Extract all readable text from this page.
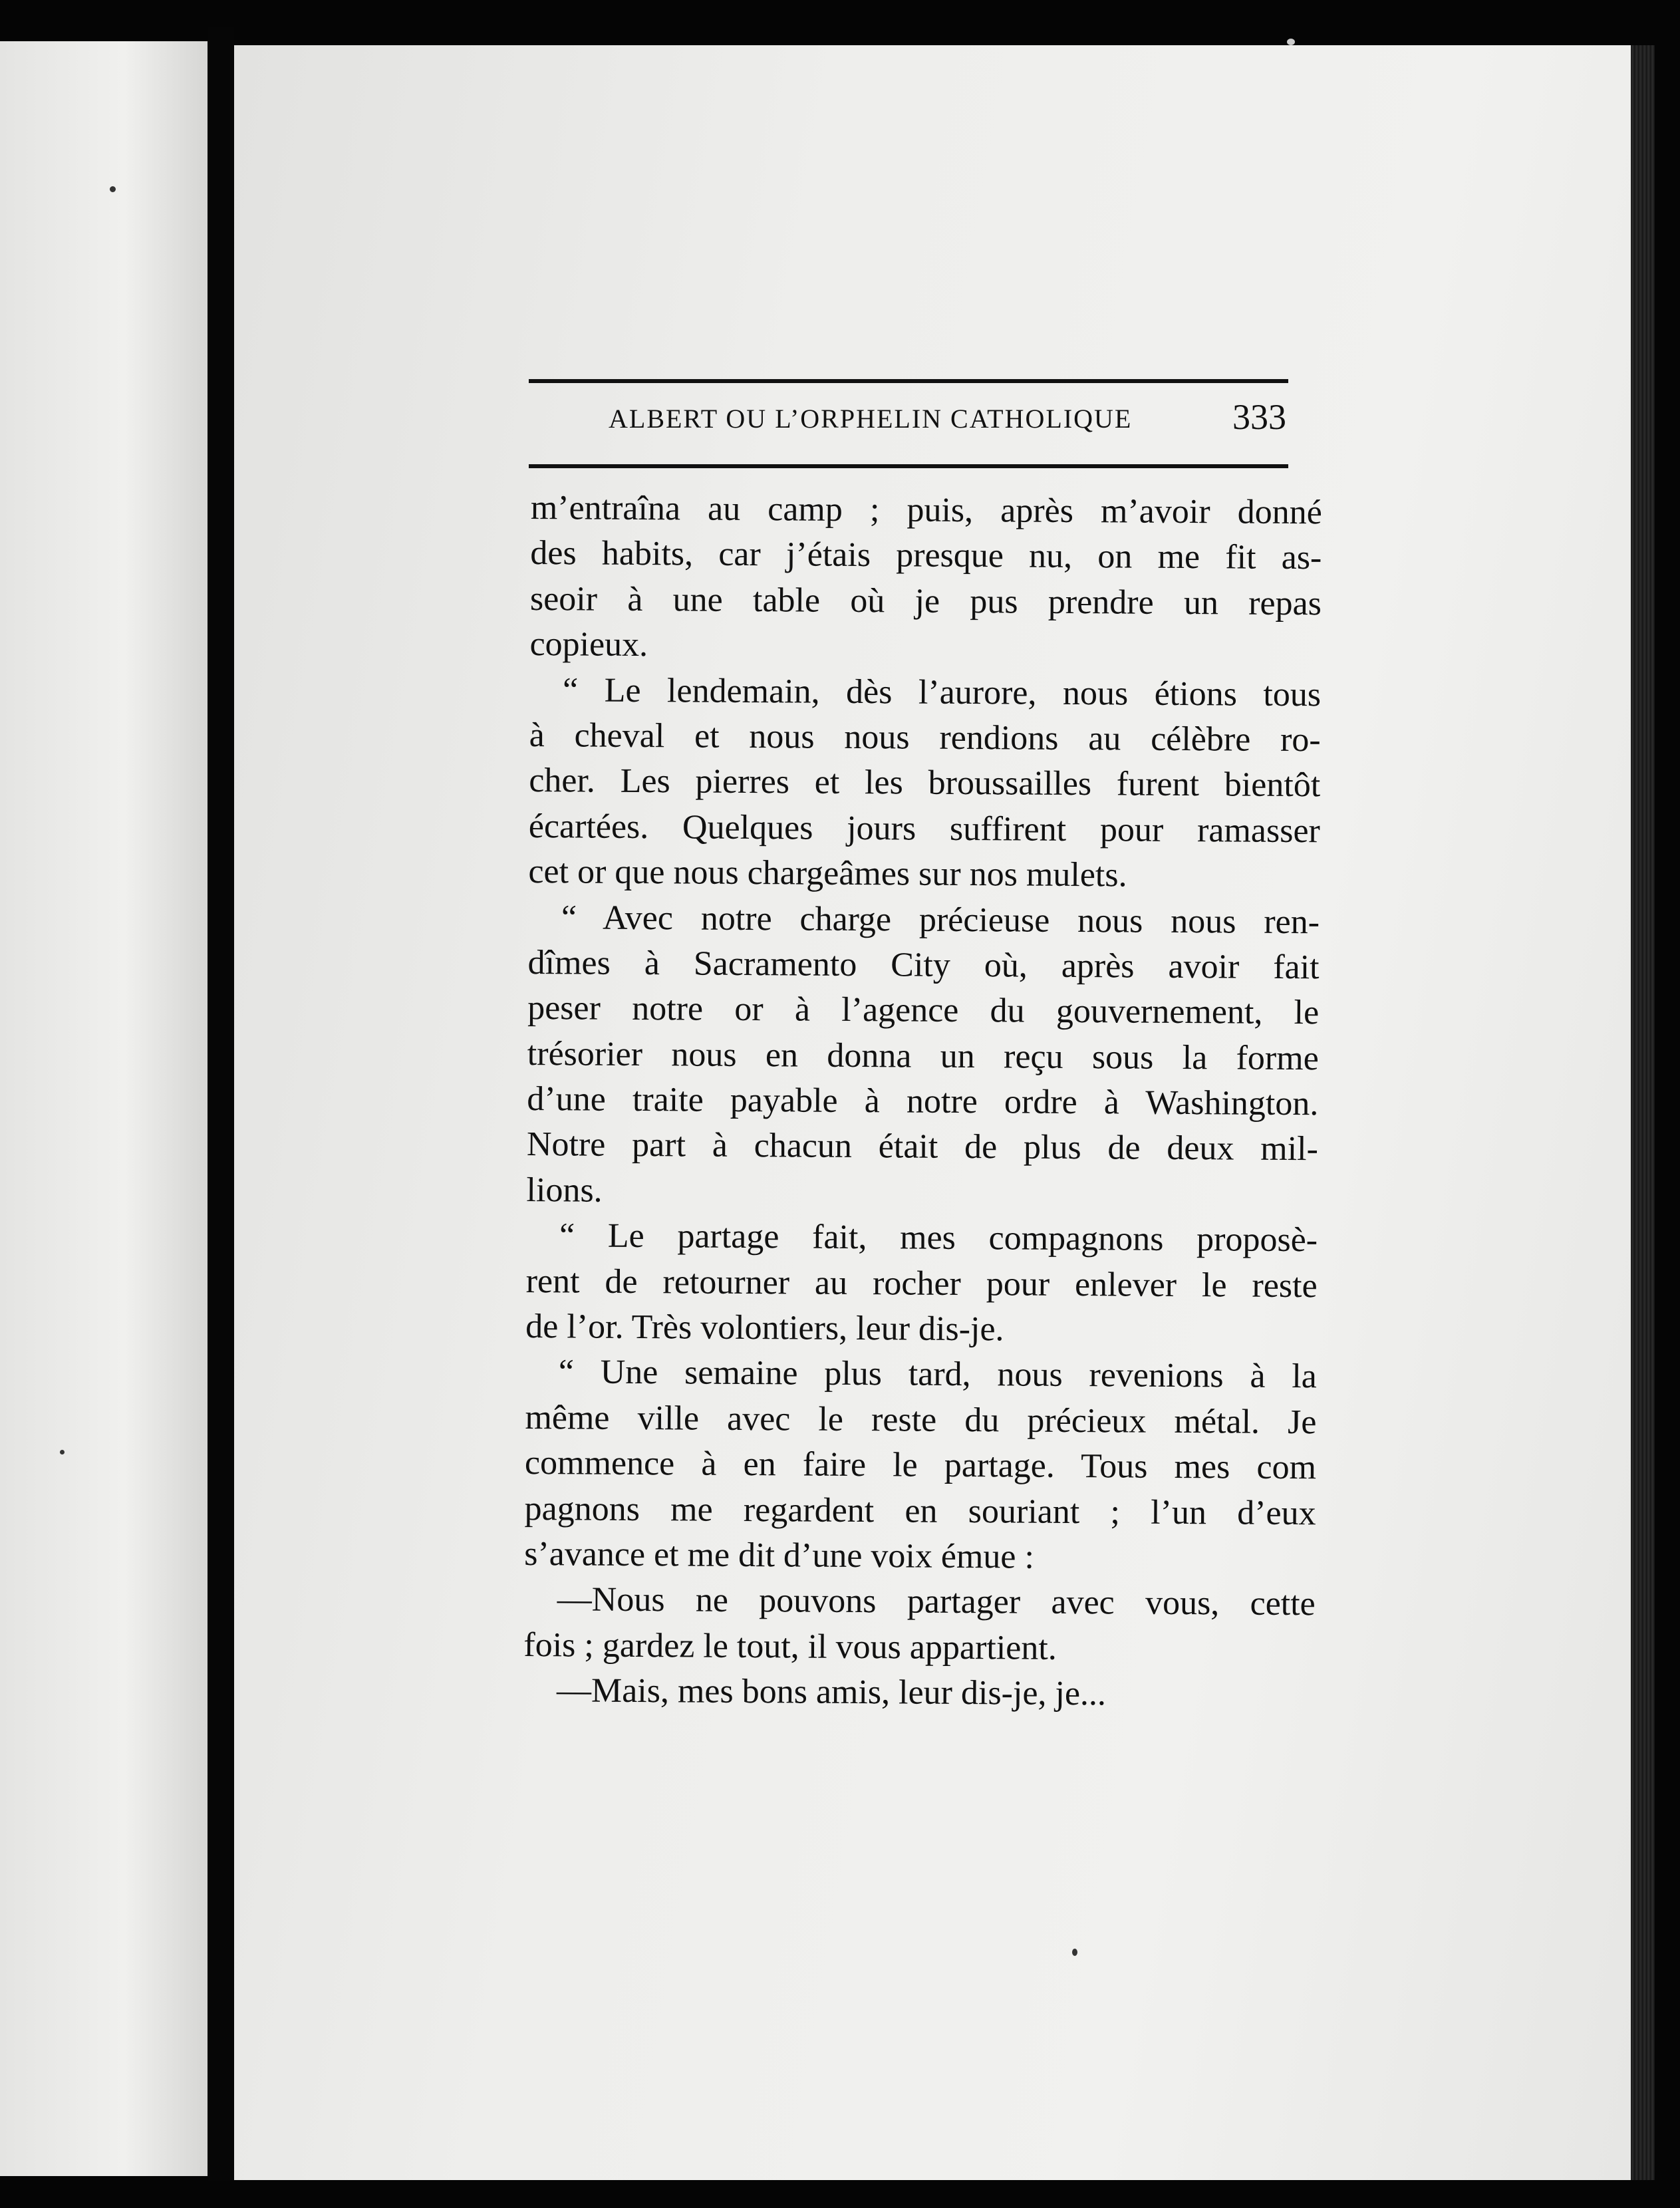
ALBERT OU L’ORPHELIN CATHOLIQUE	333
m’entraîna au camp ; puis, après m’avoir donné
des habits, car j’étais presque nu, on me fit as-
seoir à une table où je pus prendre un repas
copieux.
“ Le lendemain, dès l’aurore, nous étions tous
à cheval et nous nous rendions au célèbre ro-
cher. Les pierres et les broussailles furent bientôt
écartées. Quelques jours suffirent pour ramasser
cet or que nous chargeâmes sur nos mulets.
“ Avec notre charge précieuse nous nous ren-
dîmes à Sacramento City où, après avoir fait
peser notre or à l’agence du gouvernement, le
trésorier nous en donna un reçu sous la forme
d’une traite payable à notre ordre à Washington.
Notre part à chacun était de plus de deux mil-
lions.
“ Le partage fait, mes compagnons proposè-
rent de retourner au rocher pour enlever le reste
de l’or. Très volontiers, leur dis-je.
“ Une semaine plus tard, nous revenions à la
même ville avec le reste du précieux métal. Je
commence à en faire le partage. Tous mes com
pagnons me regardent en souriant ; l’un d’eux
s’avance et me dit d’une voix émue :
—Nous ne pouvons partager avec vous, cette
fois ; gardez le tout, il vous appartient.
—Mais, mes bons amis, leur dis-je, je...
